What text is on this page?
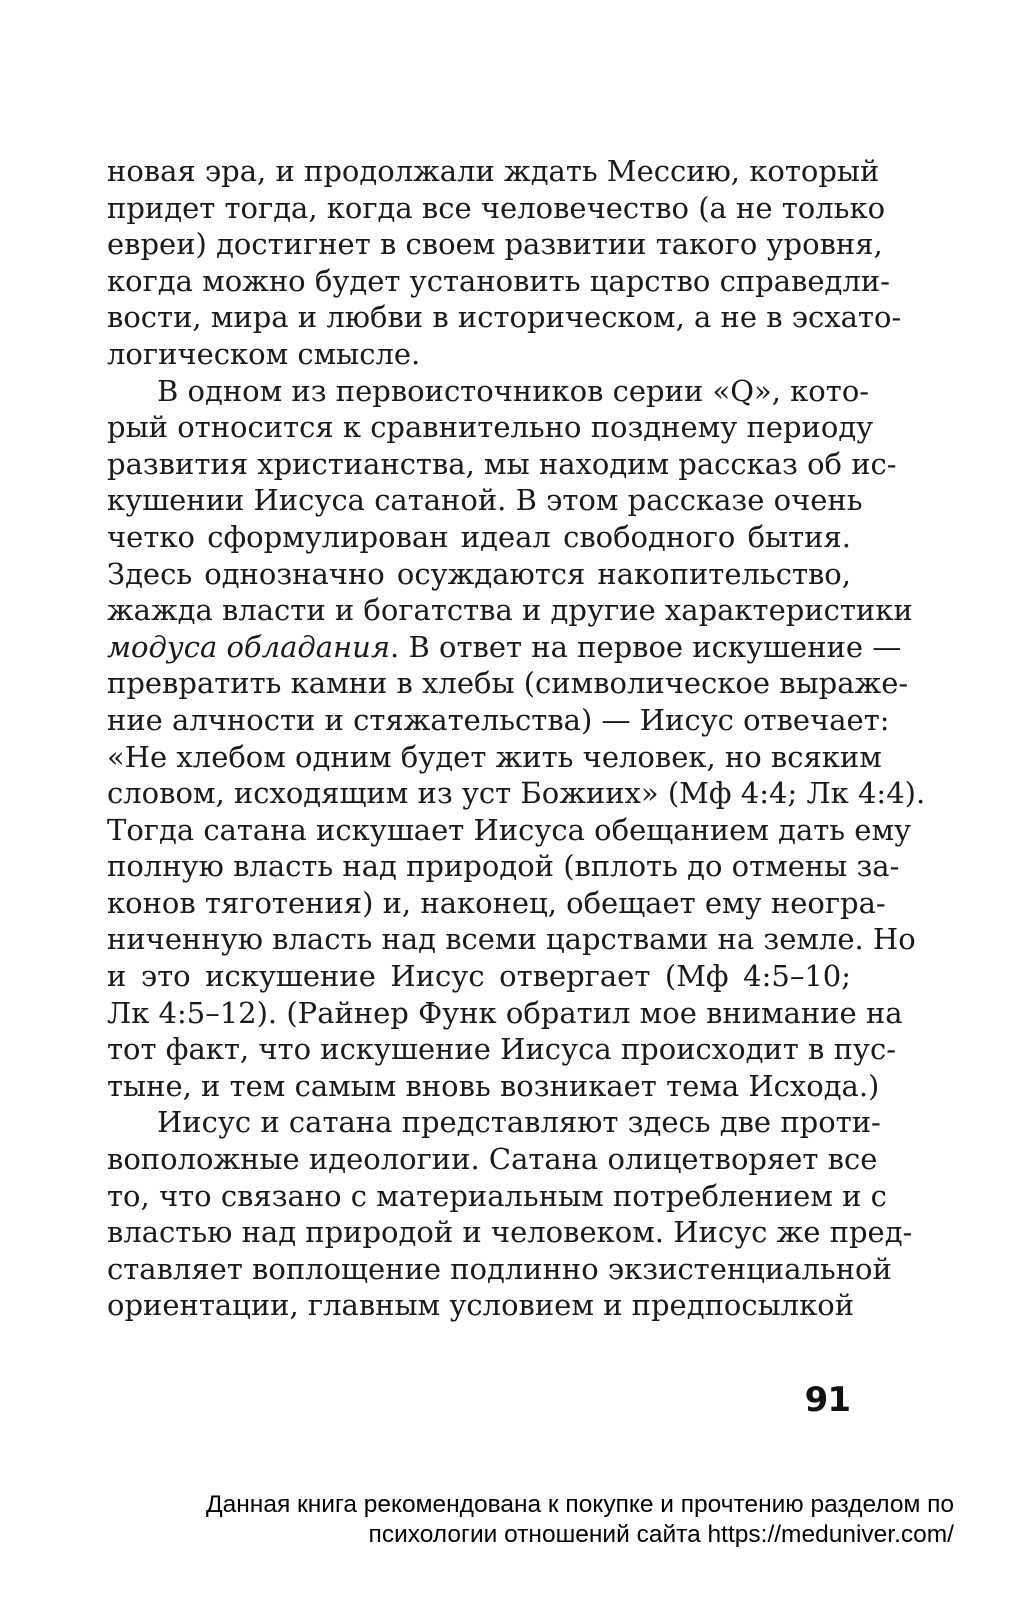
новая эра, и продолжали ждать Мессию, который
придет тогда, когда все человечество (а не только
евреи) достигнет в своем развитии такого уровня,
когда можно будет установить царство справедли-
вости, мира и любви в историческом, а не в эсхато-
логическом смысле.
В одном из первоисточников серии «Q», кото-
рый относится к сравнительно позднему периоду
развития христианства, мы находим рассказ об ис-
кушении Иисуса сатаной. В этом рассказе очень
четко сформулирован идеал свободного бытия.
Здесь однозначно осуждаются накопительство,
жажда власти и богатства и другие характеристики
модуса обладания. В ответ на первое искушение —
превратить камни в хлебы (символическое выраже-
ние алчности и стяжательства) — Иисус отвечает:
«Не хлебом одним будет жить человек, но всяким
словом, исходящим из уст Божиих» (Мф 4:4; Лк 4:4).
Тогда сатана искушает Иисуса обещанием дать ему
полную власть над природой (вплоть до отмены за-
конов тяготения) и, наконец, обещает ему неогра-
ниченную власть над всеми царствами на земле. Но
и это искушение Иисус отвергает (Мф 4:5–10;
Лк 4:5–12). (Райнер Функ обратил мое внимание на
тот факт, что искушение Иисуса происходит в пус-
тыне, и тем самым вновь возникает тема Исхода.)
Иисус и сатана представляют здесь две проти-
воположные идеологии. Сатана олицетворяет все
то, что связано с материальным потреблением и с
властью над природой и человеком. Иисус же пред-
ставляет воплощение подлинно экзистенциальной
ориентации, главным условием и предпосылкой
91
Данная книга рекомендована к покупке и прочтению разделом по
психологии отношений сайта https://meduniver.com/
